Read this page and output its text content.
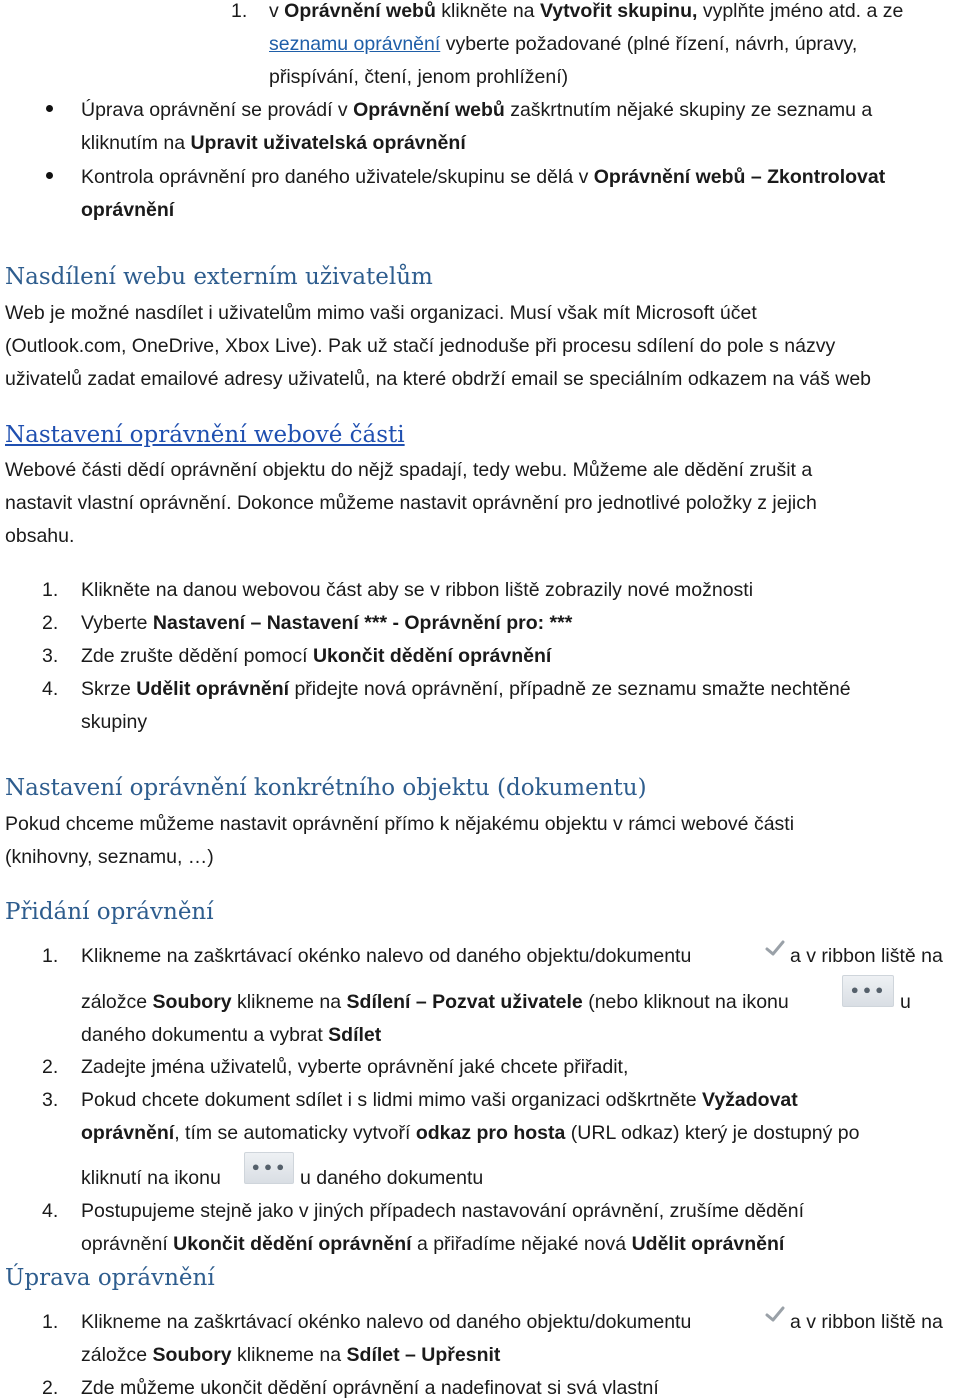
1. v Oprávnění webů klikněte na Vytvořit skupinu, vyplňte jméno atd. a ze
seznamu oprávnění vyberte požadované (plné řízení, návrh, úpravy,
přispívání, čtení, jenom prohlížení)
Úprava oprávnění se provádí v Oprávnění webů zaškrtnutím nějaké skupiny ze seznamu a
kliknutím na Upravit uživatelská oprávnění
Kontrola oprávnění pro daného uživatele/skupinu se dělá v Oprávnění webů – Zkontrolovat
oprávnění
Nasdílení webu externím uživatelům
Web je možné nasdílet i uživatelům mimo vaši organizaci. Musí však mít Microsoft účet
(Outlook.com, OneDrive, Xbox Live). Pak už stačí jednoduše při procesu sdílení do pole s názvy
uživatelů zadat emailové adresy uživatelů, na které obdrží email se speciálním odkazem na váš web
Nastavení oprávnění webové části
Webové části dědí oprávnění objektu do nějž spadají, tedy webu. Můžeme ale dědění zrušit a
nastavit vlastní oprávnění. Dokonce můžeme nastavit oprávnění pro jednotlivé položky z jejich
obsahu.
1. Klikněte na danou webovou část aby se v ribbon liště zobrazily nové možnosti
2. Vyberte Nastavení – Nastavení *** - Oprávnění pro: ***
3. Zde zrušte dědění pomocí Ukončit dědění oprávnění
4. Skrze Udělit oprávnění přidejte nová oprávnění, případně ze seznamu smažte nechtěné
skupiny
Nastavení oprávnění konkrétního objektu (dokumentu)
Pokud chceme můžeme nastavit oprávnění přímo k nějakému objektu v rámci webové části
(knihovny, seznamu, …)
Přidání oprávnění
1. Klikneme na zaškrtávací okénko nalevo od daného objektu/dokumentu	a v ribbon liště na
záložce Soubory klikneme na Sdílení – Pozvat uživatele (nebo kliknout na ikonu	••• u
daného dokumentu a vybrat Sdílet
2. Zadejte jména uživatelů, vyberte oprávnění jaké chcete přiřadit,
3. Pokud chcete dokument sdílet i s lidmi mimo vaši organizaci odškrtněte Vyžadovat
oprávnění, tím se automaticky vytvoří odkaz pro hosta (URL odkaz) který je dostupný po
kliknutí na ikonu	••• u daného dokumentu
4. Postupujeme stejně jako v jiných případech nastavování oprávnění, zrušíme dědění
oprávnění Ukončit dědění oprávnění a přiřadíme nějaké nová Udělit oprávnění
Úprava oprávnění
1. Klikneme na zaškrtávací okénko nalevo od daného objektu/dokumentu	a v ribbon liště na
záložce Soubory klikneme na Sdílet – Upřesnit
2. Zde můžeme ukončit dědění oprávnění a nadefinovat si svá vlastní
